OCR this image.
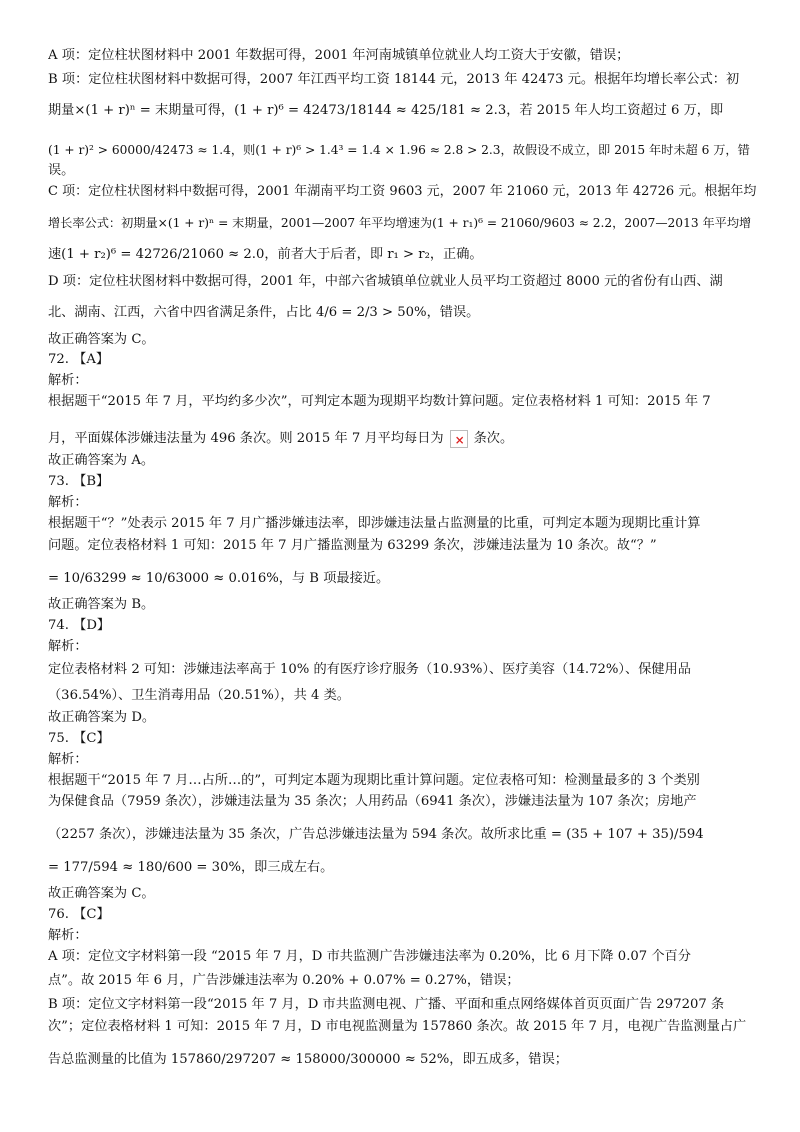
A 项：定位柱状图材料中 2001 年数据可得，2001 年河南城镇单位就业人均工资大于安徽，错误；
B 项：定位柱状图材料中数据可得，2007 年江西平均工资 18144 元，2013 年 42473 元。根据年均增长率公式：初
期量×(1 + r)ⁿ = 末期量可得，(1 + r)⁶ = 42473/18144 ≈ 425/181 ≈ 2.3，若 2015 年人均工资超过 6 万，即
(1 + r)² > 60000/42473 ≈ 1.4，则(1 + r)⁶ > 1.4³ = 1.4 × 1.96 ≈ 2.8 > 2.3，故假设不成立，即 2015 年时未超 6 万，错
误。
C 项：定位柱状图材料中数据可得，2001 年湖南平均工资 9603 元，2007 年 21060 元，2013 年 42726 元。根据年均
增长率公式：初期量×(1 + r)ⁿ = 末期量，2001—2007 年平均增速为(1 + r₁)⁶ = 21060/9603 ≈ 2.2，2007—2013 年平均增
速(1 + r₂)⁶ = 42726/21060 ≈ 2.0，前者大于后者，即 r₁ > r₂，正确。
D 项：定位柱状图材料中数据可得，2001 年，中部六省城镇单位就业人员平均工资超过 8000 元的省份有山西、湖
北、湖南、江西，六省中四省满足条件，占比 4/6 = 2/3 > 50%，错误。
故正确答案为 C。
72. 【A】
解析：
根据题干“2015 年 7 月，平均约多少次”，可判定本题为现期平均数计算问题。定位表格材料 1 可知：2015 年 7
月，平面媒体涉嫌违法量为 496 条次。则 2015 年 7 月平均每日为× 条次。
故正确答案为 A。
73. 【B】
解析：
根据题干“？”处表示 2015 年 7 月广播涉嫌违法率，即涉嫌违法量占监测量的比重，可判定本题为现期比重计算
问题。定位表格材料 1 可知：2015 年 7 月广播监测量为 63299 条次，涉嫌违法量为 10 条次。故“？”
= 10/63299 ≈ 10/63000 ≈ 0.016%，与 B 项最接近。
故正确答案为 B。
74. 【D】
解析：
定位表格材料 2 可知：涉嫌违法率高于 10% 的有医疗诊疗服务（10.93%）、医疗美容（14.72%）、保健用品
（36.54%）、卫生消毒用品（20.51%），共 4 类。
故正确答案为 D。
75. 【C】
解析：
根据题干“2015 年 7 月…占所…的”，可判定本题为现期比重计算问题。定位表格可知：检测量最多的 3 个类别
为保健食品（7959 条次），涉嫌违法量为 35 条次；人用药品（6941 条次），涉嫌违法量为 107 条次；房地产
（2257 条次），涉嫌违法量为 35 条次，广告总涉嫌违法量为 594 条次。故所求比重 = (35 + 107 + 35)/594
= 177/594 ≈ 180/600 = 30%，即三成左右。
故正确答案为 C。
76. 【C】
解析：
A 项：定位文字材料第一段 “2015 年 7 月，D 市共监测广告涉嫌违法率为 0.20%，比 6 月下降 0.07 个百分
点”。故 2015 年 6 月，广告涉嫌违法率为 0.20% + 0.07% = 0.27%，错误；
B 项：定位文字材料第一段“2015 年 7 月，D 市共监测电视、广播、平面和重点网络媒体首页页面广告 297207 条
次”；定位表格材料 1 可知：2015 年 7 月，D 市电视监测量为 157860 条次。故 2015 年 7 月，电视广告监测量占广
告总监测量的比值为 157860/297207 ≈ 158000/300000 ≈ 52%，即五成多，错误；
